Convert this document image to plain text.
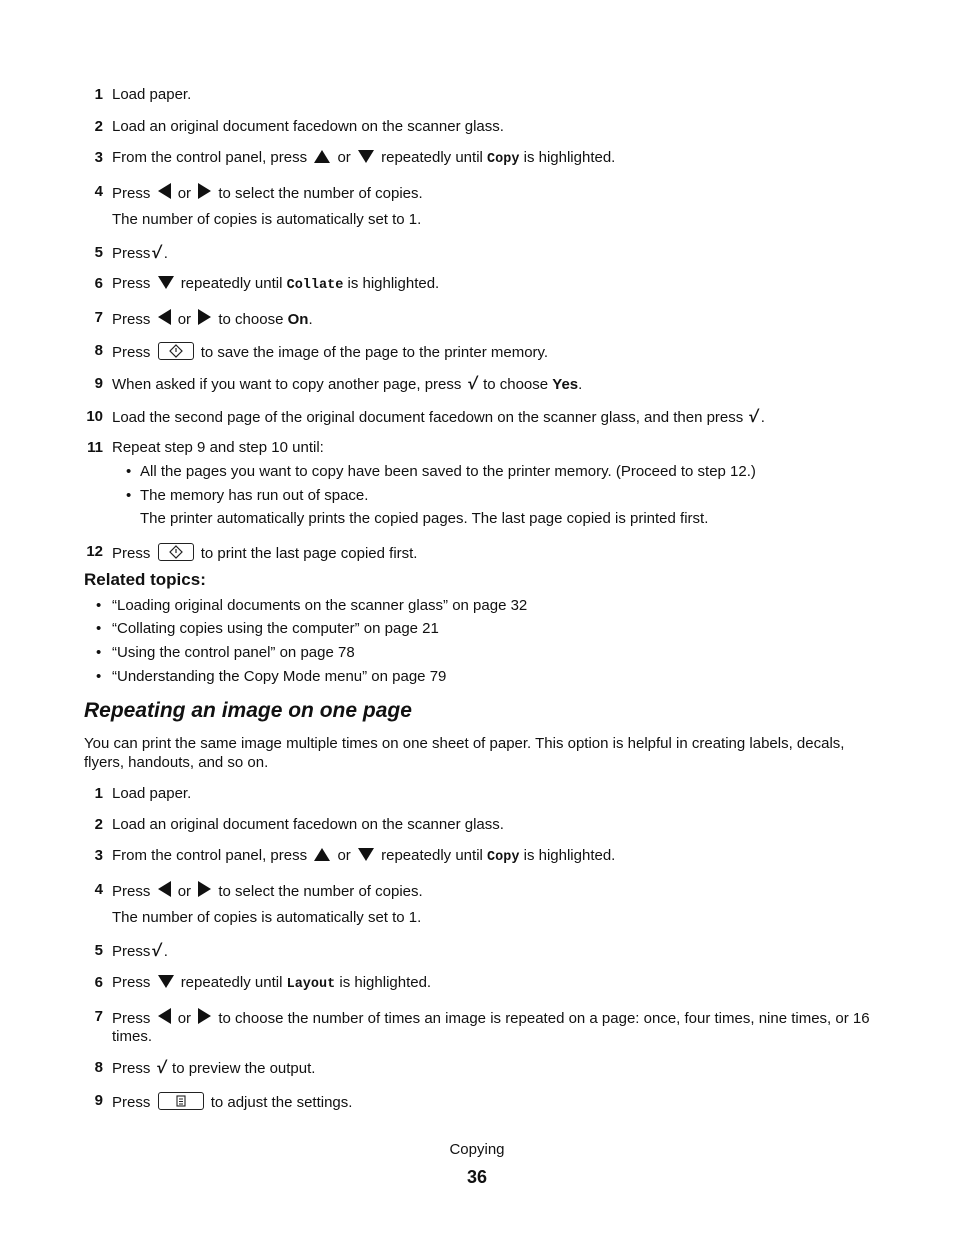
1 Load paper.
2 Load an original document facedown on the scanner glass.
3 From the control panel, press or repeatedly until Copy is highlighted.
4 Press or to select the number of copies.
The number of copies is automatically set to 1.
5 Press√.
6 Press repeatedly until Collate is highlighted.
7 Press or to choose On.
8 Press	to save the image of the page to the printer memory.
9 When asked if you want to copy another page, press √ to choose Yes.
10 Load the second page of the original document facedown on the scanner glass, and then press √.
11 Repeat step 9 and step 10 until:
• All the pages you want to copy have been saved to the printer memory. (Proceed to step 12.)
• The memory has run out of space.
The printer automatically prints the copied pages. The last page copied is printed first.
12 Press	to print the last page copied first.
Related topics:
• “Loading original documents on the scanner glass” on page 32
• “Collating copies using the computer” on page 21
• “Using the control panel” on page 78
• “Understanding the Copy Mode menu” on page 79
Repeating an image on one page
You can print the same image multiple times on one sheet of paper. This option is helpful in creating labels, decals, flyers, handouts, and so on.
1 Load paper.
2 Load an original document facedown on the scanner glass.
3 From the control panel, press or repeatedly until Copy is highlighted.
4 Press or to select the number of copies.
The number of copies is automatically set to 1.
5 Press√.
6 Press repeatedly until Layout is highlighted.
7 Press or to choose the number of times an image is repeated on a page: once, four times, nine times, or 16 times.
8 Press √ to preview the output.
9 Press	to adjust the settings.
Copying
36
